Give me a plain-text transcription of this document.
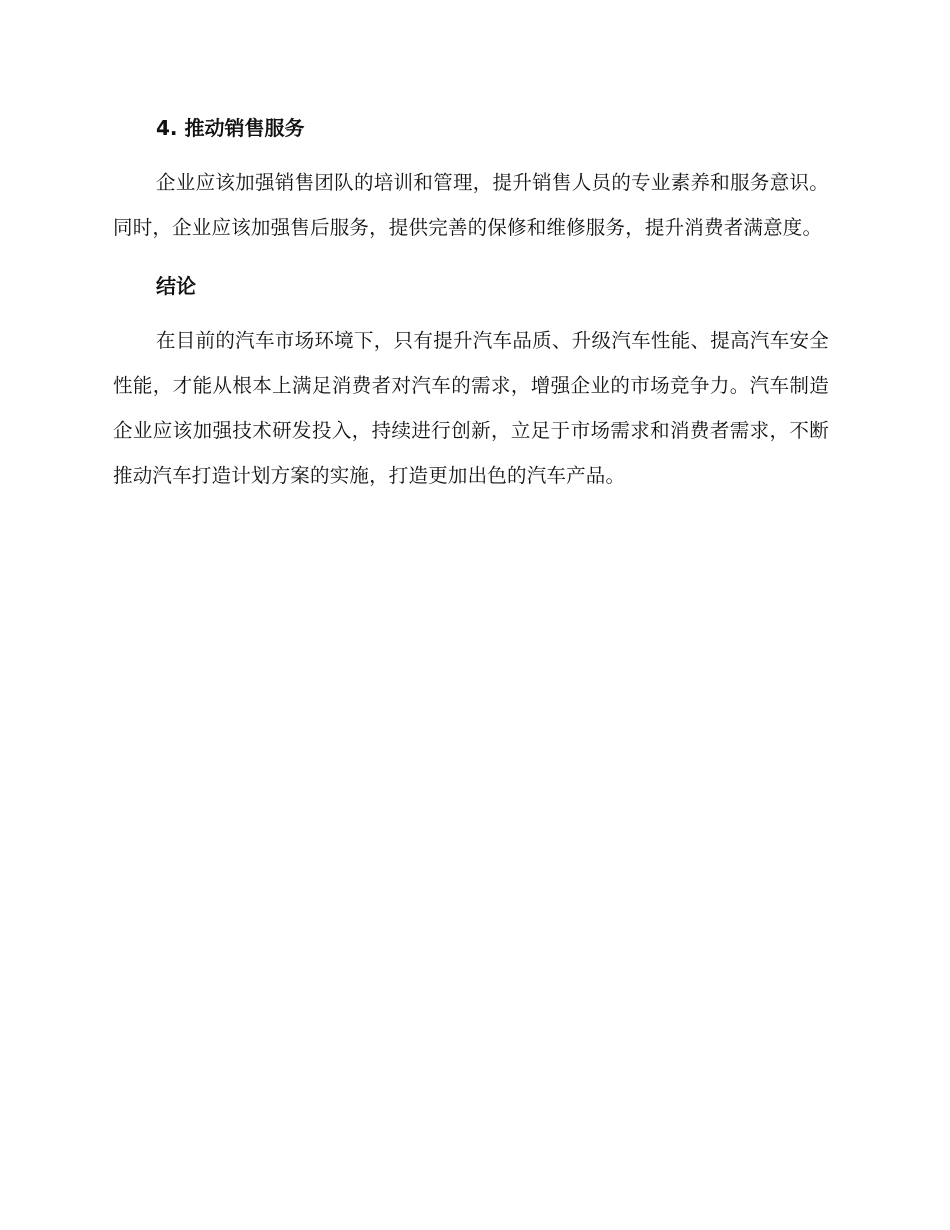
4. 推动销售服务

企业应该加强销售团队的培训和管理，提升销售人员的专业素养和服务意识。同时，企业应该加强售后服务，提供完善的保修和维修服务，提升消费者满意度。

结论

在目前的汽车市场环境下，只有提升汽车品质、升级汽车性能、提高汽车安全性能，才能从根本上满足消费者对汽车的需求，增强企业的市场竞争力。汽车制造企业应该加强技术研发投入，持续进行创新，立足于市场需求和消费者需求，不断推动汽车打造计划方案的实施，打造更加出色的汽车产品。
